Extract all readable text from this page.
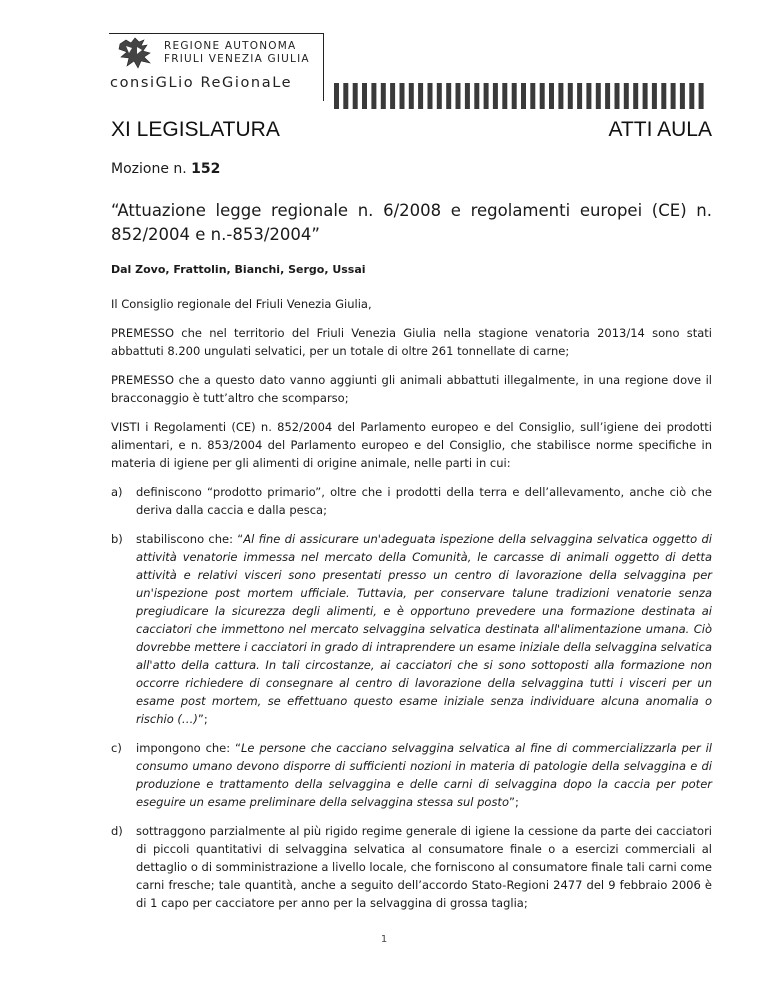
REGIONE AUTONOMA
FRIULI VENEZIA GIULIA
consiGLio ReGionaLe
XI LEGISLATURA	ATTI AULA
Mozione n. 152
“Attuazione legge regionale n. 6/2008 e regolamenti europei (CE) n. 852/2004 e n.-853/2004”
Dal Zovo, Frattolin, Bianchi, Sergo, Ussai

Il Consiglio regionale del Friuli Venezia Giulia,

PREMESSO che nel territorio del Friuli Venezia Giulia nella stagione venatoria 2013/14 sono stati abbattuti 8.200 ungulati selvatici, per un totale di oltre 261 tonnellate di carne;

PREMESSO che a questo dato vanno aggiunti gli animali abbattuti illegalmente, in una regione dove il bracconaggio è tutt’altro che scomparso;

VISTI i Regolamenti (CE) n. 852/2004 del Parlamento europeo e del Consiglio, sull’igiene dei prodotti alimentari, e n. 853/2004 del Parlamento europeo e del Consiglio, che stabilisce norme specifiche in materia di igiene per gli alimenti di origine animale, nelle parti in cui:

a) definiscono “prodotto primario”, oltre che i prodotti della terra e dell’allevamento, anche ciò che deriva dalla caccia e dalla pesca;
b) stabiliscono che: “Al fine di assicurare un'adeguata ispezione della selvaggina selvatica oggetto di attività venatorie immessa nel mercato della Comunità, le carcasse di animali oggetto di detta attività e relativi visceri sono presentati presso un centro di lavorazione della selvaggina per un'ispezione post mortem ufficiale. Tuttavia, per conservare talune tradizioni venatorie senza pregiudicare la sicurezza degli alimenti, e è opportuno prevedere una formazione destinata ai cacciatori che immettono nel mercato selvaggina selvatica destinata all'alimentazione umana. Ciò dovrebbe mettere i cacciatori in grado di intraprendere un esame iniziale della selvaggina selvatica all'atto della cattura. In tali circostanze, ai cacciatori che si sono sottoposti alla formazione non occorre richiedere di consegnare al centro di lavorazione della selvaggina tutti i visceri per un esame post mortem, se effettuano questo esame iniziale senza individuare alcuna anomalia o rischio (…)”;
c) impongono che: “Le persone che cacciano selvaggina selvatica al fine di commercializzarla per il consumo umano devono disporre di sufficienti nozioni in materia di patologie della selvaggina e di produzione e trattamento della selvaggina e delle carni di selvaggina dopo la caccia per poter eseguire un esame preliminare della selvaggina stessa sul posto”;
d) sottraggono parzialmente al più rigido regime generale di igiene la cessione da parte dei cacciatori di piccoli quantitativi di selvaggina selvatica al consumatore finale o a esercizi commerciali al dettaglio o di somministrazione a livello locale, che forniscono al consumatore finale tali carni come carni fresche; tale quantità, anche a seguito dell’accordo Stato-Regioni 2477 del 9 febbraio 2006 è di 1 capo per cacciatore per anno per la selvaggina di grossa taglia;
1
